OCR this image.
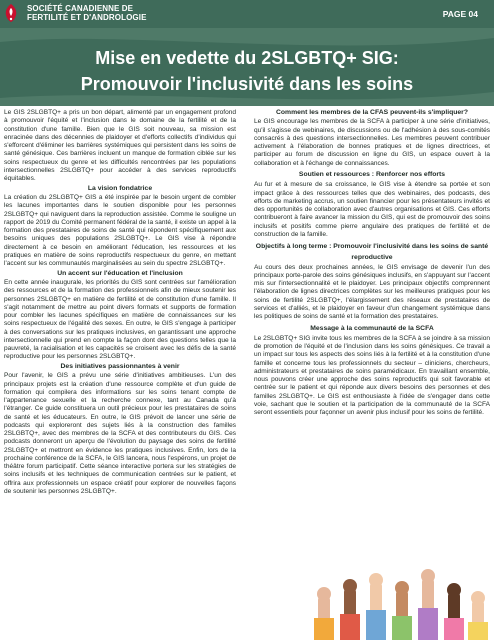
SOCIÉTÉ CANADIENNE DE
FERTILITÉ ET D'ANDROLOGIE	PAGE 04
Mise en vedette du 2SLGBTQ+ SIG:
Promouvoir l'inclusivité dans les soins

Le GIS 2SLGBTQ+ a pris un bon départ, alimenté par un engagement profond à promouvoir l'équité et l'inclusion dans le domaine de la fertilité et de la constitution d'une famille. Bien que le GIS soit nouveau, sa mission est enracinée dans des décennies de plaidoyer et d'efforts collectifs d'individus qui s'efforcent d'éliminer les barrières systémiques qui persistent dans les soins de santé génésique. Ces barrières incluent un manque de formation ciblée sur les soins respectueux du genre et les difficultés rencontrées par les populations intersectionnelles 2SLGBTQ+ pour accéder à des services reproductifs équitables.

La vision fondatrice

La création du 2SLGBTQ+ GIS a été inspirée par le besoin urgent de combler les lacunes importantes dans le soutien disponible pour les personnes 2SLGBTQ+ qui naviguent dans la reproduction assistée. Comme le souligne un rapport de 2019 du Comité permanent fédéral de la santé, il existe un appel à la formation des prestataires de soins de santé qui répondent spécifiquement aux besoins uniques des populations 2SLGBTQ+. Le GIS vise à répondre directement à ce besoin en améliorant l'éducation, les ressources et les pratiques en matière de soins reproductifs respectueux du genre, en mettant l'accent sur les communautés marginalisées au sein du spectre 2SLGBTQ+.

Un accent sur l'éducation et l'inclusion

En cette année inaugurale, les priorités du GIS sont centrées sur l'amélioration des ressources et de la formation des professionnels afin de mieux soutenir les personnes 2SLGBTQ+ en matière de fertilité et de constitution d'une famille. Il s'agit notamment de mettre au point divers formats et supports de formation pour combler les lacunes spécifiques en matière de connaissances sur les soins respectueux de l'égalité des sexes. En outre, le GIS s'engage à participer à des conversations sur les pratiques inclusives, en garantissant une approche intersectionnelle qui prend en compte la façon dont des questions telles que la pauvreté, la racialisation et les capacités se croisent avec les défis de la santé reproductive pour les personnes 2SLGBTQ+.

Des initiatives passionnantes à venir

Pour l'avenir, le GIS a prévu une série d'initiatives ambitieuses. L'un des principaux projets est la création d'une ressource complète et d'un guide de formation qui compilera des informations sur les soins tenant compte de l'appartenance sexuelle et la recherche connexe, tant au Canada qu'à l'étranger. Ce guide constituera un outil précieux pour les prestataires de soins de santé et les éducateurs. En outre, le GIS prévoit de lancer une série de podcasts qui exploreront des sujets liés à la construction des familles 2SLGBTQ+, avec des membres de la SCFA et des contributeurs du GIS. Ces podcasts donneront un aperçu de l'évolution du paysage des soins de fertilité 2SLGBTQ+ et mettront en évidence les pratiques inclusives. Enfin, lors de la prochaine conférence de la SCFA, le GIS lancera, nous l'espérons, un projet de théâtre forum participatif. Cette séance interactive portera sur les stratégies de soins inclusifs et les techniques de communication centrées sur le patient, et offrira aux professionnels un espace créatif pour explorer de nouvelles façons de soutenir les personnes 2SLGBTQ+.

Comment les membres de la CFAS peuvent-ils s'impliquer?

Le GIS encourage les membres de la SCFA à participer à une série d'initiatives, qu'il s'agisse de webinaires, de discussions ou de l'adhésion à des sous-comités consacrés à des questions intersectionnelles. Les membres peuvent contribuer activement à l'élaboration de bonnes pratiques et de lignes directrices, et participer au forum de discussion en ligne du GIS, un espace ouvert à la collaboration et à l'échange de connaissances.

Soutien et ressources : Renforcer nos efforts

Au fur et à mesure de sa croissance, le GIS vise à étendre sa portée et son impact grâce à des ressources telles que des webinaires, des podcasts, des efforts de marketing accrus, un soutien financier pour les présentateurs invités et des opportunités de collaboration avec d'autres organisations et GIS. Ces efforts contribueront à faire avancer la mission du GIS, qui est de promouvoir des soins inclusifs et positifs comme pierre angulaire des pratiques de fertilité et de construction de la famille.

Objectifs à long terme : Promouvoir l'inclusivité dans les soins de santé reproductive

Au cours des deux prochaines années, le GIS envisage de devenir l'un des principaux porte-parole des soins génésiques inclusifs, en s'appuyant sur l'accent mis sur l'intersectionnalité et le plaidoyer. Les principaux objectifs comprennent l'élaboration de lignes directrices complètes sur les meilleures pratiques pour les soins de fertilité 2SLGBTQ+, l'élargissement des réseaux de prestataires de services et d'alliés, et le plaidoyer en faveur d'un changement systémique dans les politiques de soins de santé et la formation des prestataires.

Message à la communauté de la SCFA

Le 2SLGBTQ+ SIG invite tous les membres de la SCFA à se joindre à sa mission de promotion de l'équité et de l'inclusion dans les soins génésiques. Ce travail a un impact sur tous les aspects des soins liés à la fertilité et à la constitution d'une famille et concerne tous les professionnels du secteur – cliniciens, chercheurs, administrateurs et prestataires de soins paramédicaux. En travaillant ensemble, nous pouvons créer une approche des soins reproductifs qui soit favorable et centrée sur le patient et qui réponde aux divers besoins des personnes et des familles 2SLGBTQ+. Le GIS est enthousiaste à l'idée de s'engager dans cette voie, sachant que le soutien et la participation de la communauté de la SCFA seront essentiels pour façonner un avenir plus inclusif pour les soins de fertilité.
